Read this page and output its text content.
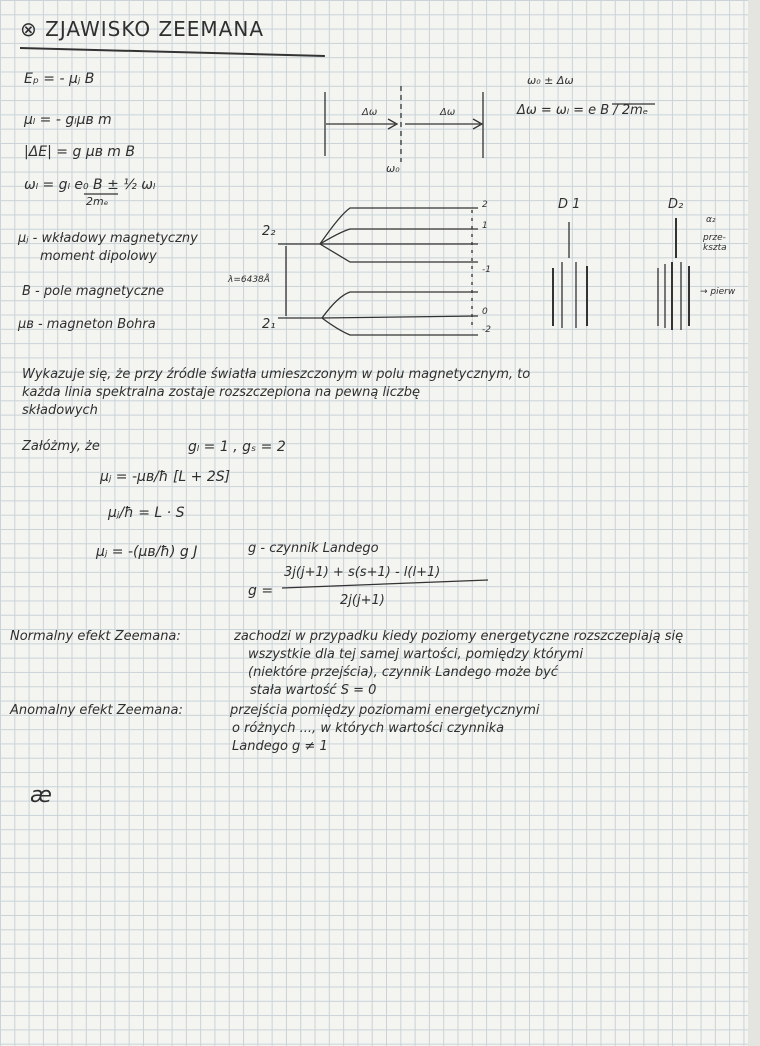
⊗ ZJAWISKO ZEEMANA
Eₚ = - μⱼ B
μₗ = - gₗμʙ m
|ΔE| = g μʙ m B
ωₗ = gₗ e₀ B ± ½ ωₗ
2mₑ
μⱼ - wkładowy magnetyczny
moment dipolowy
B - pole magnetyczne
μʙ - magneton Bohra
Δω	Δω
ω₀
ω₀ ± Δω
Δω = ωₗ = e B / 2mₑ
D 1	D₂
α₂
prze-
kszta
→ pierw
2₂
2₁
λ=6438Å
2
1
-1
0
-2
Wykazuje się, że przy źródle światła umieszczonym w polu magnetycznym, to
każda linia spektralna zostaje rozszczepiona na pewną liczbę
składowych
Załóżmy, że	gₗ = 1 , gₛ = 2
μⱼ = -μʙ/ħ [L + 2S]
μⱼ/ħ = L · S
μⱼ = -(μʙ/ħ) g J	g - czynnik Landego
g =
3j(j+1) + s(s+1) - l(l+1)
2j(j+1)
Normalny efekt Zeemana:	zachodzi w przypadku kiedy poziomy energetyczne rozszczepiają się
wszystkie dla tej samej wartości, pomiędzy którymi
(niektóre przejścia), czynnik Landego może być
stała wartość S = 0
Anomalny efekt Zeemana:	przejścia pomiędzy poziomami energetycznymi
o różnych ..., w których wartości czynnika
Landego g ≠ 1
æ
